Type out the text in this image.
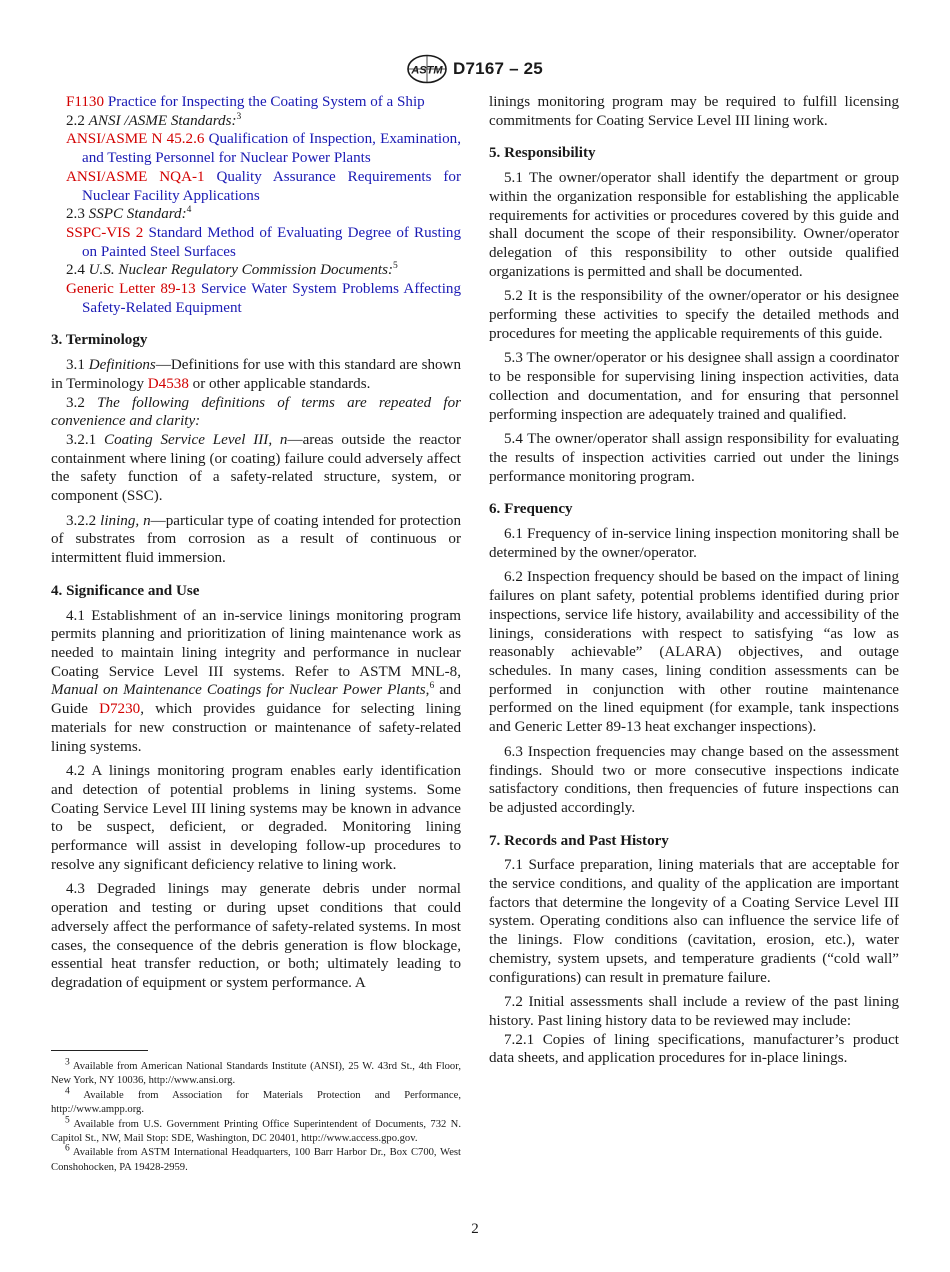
ASTM D7167 – 25

F1130 Practice for Inspecting the Coating System of a Ship

2.2 ANSI /ASME Standards:$^3$

ANSI/ASME N 45.2.6 Qualification of Inspection, Examination, and Testing Personnel for Nuclear Power Plants

ANSI/ASME NQA-1 Quality Assurance Requirements for Nuclear Facility Applications

2.3 SSPC Standard:$^4$

SSPC-VIS 2 Standard Method of Evaluating Degree of Rusting on Painted Steel Surfaces

2.4 U.S. Nuclear Regulatory Commission Documents:$^5$

Generic Letter 89-13 Service Water System Problems Affecting Safety-Related Equipment

3. Terminology

3.1 Definitions—Definitions for use with this standard are shown in Terminology D4538 or other applicable standards.

3.2 The following definitions of terms are repeated for convenience and clarity:

3.2.1 Coating Service Level III, n—areas outside the reactor containment where lining (or coating) failure could adversely affect the safety function of a safety-related structure, system, or component (SSC).

3.2.2 lining, n—particular type of coating intended for protection of substrates from corrosion as a result of continuous or intermittent fluid immersion.

4. Significance and Use

4.1 Establishment of an in-service linings monitoring program permits planning and prioritization of lining maintenance work as needed to maintain lining integrity and performance in nuclear Coating Service Level III systems. Refer to ASTM MNL-8, Manual on Maintenance Coatings for Nuclear Power Plants,$^6$ and Guide D7230, which provides guidance for selecting lining materials for new construction or maintenance of safety-related lining systems.

4.2 A linings monitoring program enables early identification and detection of potential problems in lining systems. Some Coating Service Level III lining systems may be known in advance to be suspect, deficient, or degraded. Monitoring lining performance will assist in developing follow-up procedures to resolve any significant deficiency relative to lining work.

4.3 Degraded linings may generate debris under normal operation and testing or during upset conditions that could adversely affect the performance of safety-related systems. In most cases, the consequence of the debris generation is flow blockage, essential heat transfer reduction, or both; ultimately leading to degradation of equipment or system performance. A

linings monitoring program may be required to fulfill licensing commitments for Coating Service Level III lining work.

5. Responsibility

5.1 The owner/operator shall identify the department or group within the organization responsible for establishing the applicable requirements for activities or procedures covered by this guide and shall document the scope of their responsibility. Owner/operator delegation of this responsibility to other outside qualified organizations is permitted and shall be documented.

5.2 It is the responsibility of the owner/operator or his designee performing these activities to specify the detailed methods and procedures for meeting the applicable requirements of this guide.

5.3 The owner/operator or his designee shall assign a coordinator to be responsible for supervising lining inspection activities, data collection and documentation, and for ensuring that personnel performing inspection are adequately trained and qualified.

5.4 The owner/operator shall assign responsibility for evaluating the results of inspection activities carried out under the linings performance monitoring program.

6. Frequency

6.1 Frequency of in-service lining inspection monitoring shall be determined by the owner/operator.

6.2 Inspection frequency should be based on the impact of lining failures on plant safety, potential problems identified during prior inspections, service life history, availability and accessibility of the linings, considerations with respect to satisfying “as low as reasonably achievable” (ALARA) objectives, and outage schedules. In many cases, lining condition assessments can be performed in conjunction with other routine maintenance performed on the lined equipment (for example, tank inspections and Generic Letter 89-13 heat exchanger inspections).

6.3 Inspection frequencies may change based on the assessment findings. Should two or more consecutive inspections indicate satisfactory conditions, then frequencies of future inspections can be adjusted accordingly.

7. Records and Past History

7.1 Surface preparation, lining materials that are acceptable for the service conditions, and quality of the application are important factors that determine the longevity of a Coating Service Level III system. Operating conditions also can influence the service life of the linings. Flow conditions (cavitation, erosion, etc.), water chemistry, system upsets, and temperature gradients (“cold wall” configurations) can result in premature failure.

7.2 Initial assessments shall include a review of the past lining history. Past lining history data to be reviewed may include:

7.2.1 Copies of lining specifications, manufacturer’s product data sheets, and application procedures for in-place linings.

$^3$ Available from American National Standards Institute (ANSI), 25 W. 43rd St., 4th Floor, New York, NY 10036, http://www.ansi.org.

$^4$ Available from Association for Materials Protection and Performance, http://www.ampp.org.

$^5$ Available from U.S. Government Printing Office Superintendent of Documents, 732 N. Capitol St., NW, Mail Stop: SDE, Washington, DC 20401, http://www.access.gpo.gov.

$^6$ Available from ASTM International Headquarters, 100 Barr Harbor Dr., Box C700, West Conshohocken, PA 19428-2959.

2
